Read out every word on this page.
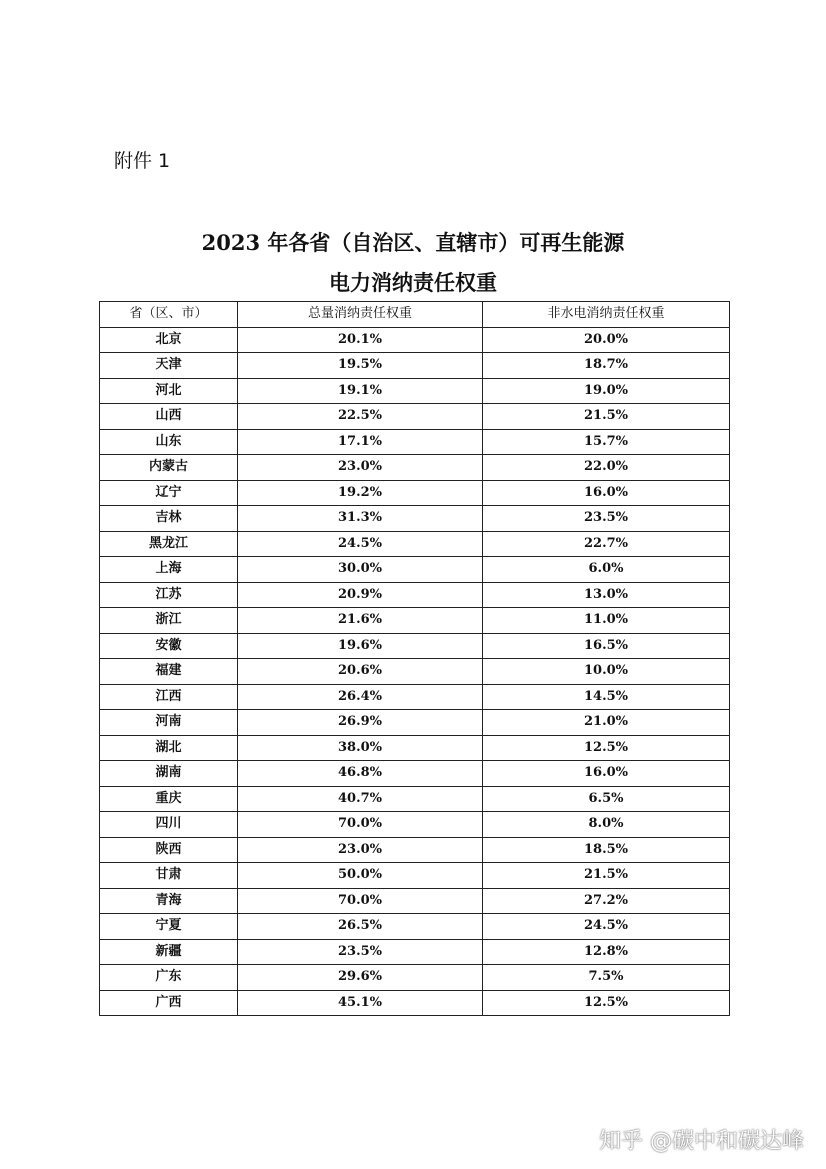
附件 1
2023 年各省（自治区、直辖市）可再生能源
电力消纳责任权重
省（区、市）	总量消纳责任权重	非水电消纳责任权重
北京	20.1%	20.0%
天津	19.5%	18.7%
河北	19.1%	19.0%
山西	22.5%	21.5%
山东	17.1%	15.7%
内蒙古	23.0%	22.0%
辽宁	19.2%	16.0%
吉林	31.3%	23.5%
黑龙江	24.5%	22.7%
上海	30.0%	6.0%
江苏	20.9%	13.0%
浙江	21.6%	11.0%
安徽	19.6%	16.5%
福建	20.6%	10.0%
江西	26.4%	14.5%
河南	26.9%	21.0%
湖北	38.0%	12.5%
湖南	46.8%	16.0%
重庆	40.7%	6.5%
四川	70.0%	8.0%
陕西	23.0%	18.5%
甘肃	50.0%	21.5%
青海	70.0%	27.2%
宁夏	26.5%	24.5%
新疆	23.5%	12.8%
广东	29.6%	7.5%
广西	45.1%	12.5%
知乎 @碳中和碳达峰
